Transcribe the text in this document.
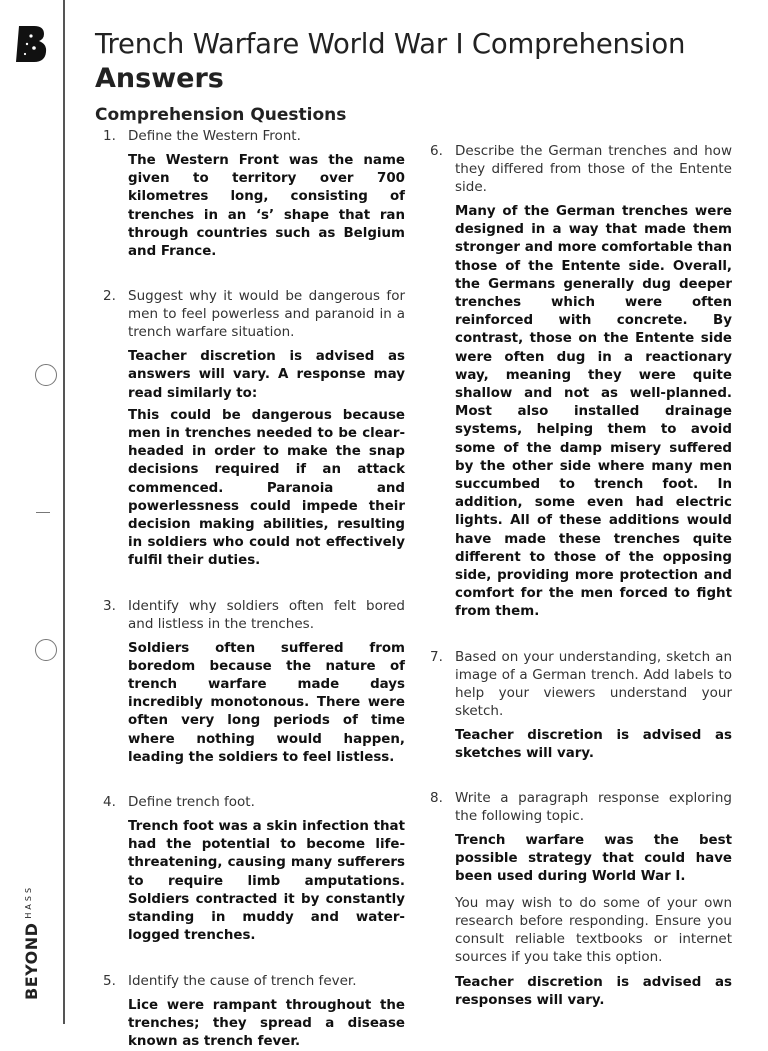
$BEYOND^{HASS}$
Trench Warfare World War I Comprehension
Answers
Comprehension Questions
1. Define the Western Front.

The Western Front was the name given to territory over 700 kilometres long, consisting of trenches in an ‘s’ shape that ran through countries such as Belgium and France.

2. Suggest why it would be dangerous for men to feel powerless and paranoid in a trench warfare situation.

Teacher discretion is advised as answers will vary. A response may read similarly to:

This could be dangerous because men in trenches needed to be clear-headed in order to make the snap decisions required if an attack commenced. Paranoia and powerlessness could impede their decision making abilities, resulting in soldiers who could not effectively fulfil their duties.

3. Identify why soldiers often felt bored and listless in the trenches.

Soldiers often suffered from boredom because the nature of trench warfare made days incredibly monotonous. There were often very long periods of time where nothing would happen, leading the soldiers to feel listless.

4. Define trench foot.

Trench foot was a skin infection that had the potential to become life-threatening, causing many sufferers to require limb amputations. Soldiers contracted it by constantly standing in muddy and water-logged trenches.

5. Identify the cause of trench fever.

Lice were rampant throughout the trenches; they spread a disease known as trench fever.

6. Describe the German trenches and how they differed from those of the Entente side.

Many of the German trenches were designed in a way that made them stronger and more comfortable than those of the Entente side. Overall, the Germans generally dug deeper trenches which were often reinforced with concrete. By contrast, those on the Entente side were often dug in a reactionary way, meaning they were quite shallow and not as well-planned. Most also installed drainage systems, helping them to avoid some of the damp misery suffered by the other side where many men succumbed to trench foot. In addition, some even had electric lights. All of these additions would have made these trenches quite different to those of the opposing side, providing more protection and comfort for the men forced to fight from them.

7. Based on your understanding, sketch an image of a German trench. Add labels to help your viewers understand your sketch.

Teacher discretion is advised as sketches will vary.

8. Write a paragraph response exploring the following topic.

Trench warfare was the best possible strategy that could have been used during World War I.

You may wish to do some of your own research before responding. Ensure you consult reliable textbooks or internet sources if you take this option.

Teacher discretion is advised as responses will vary.
